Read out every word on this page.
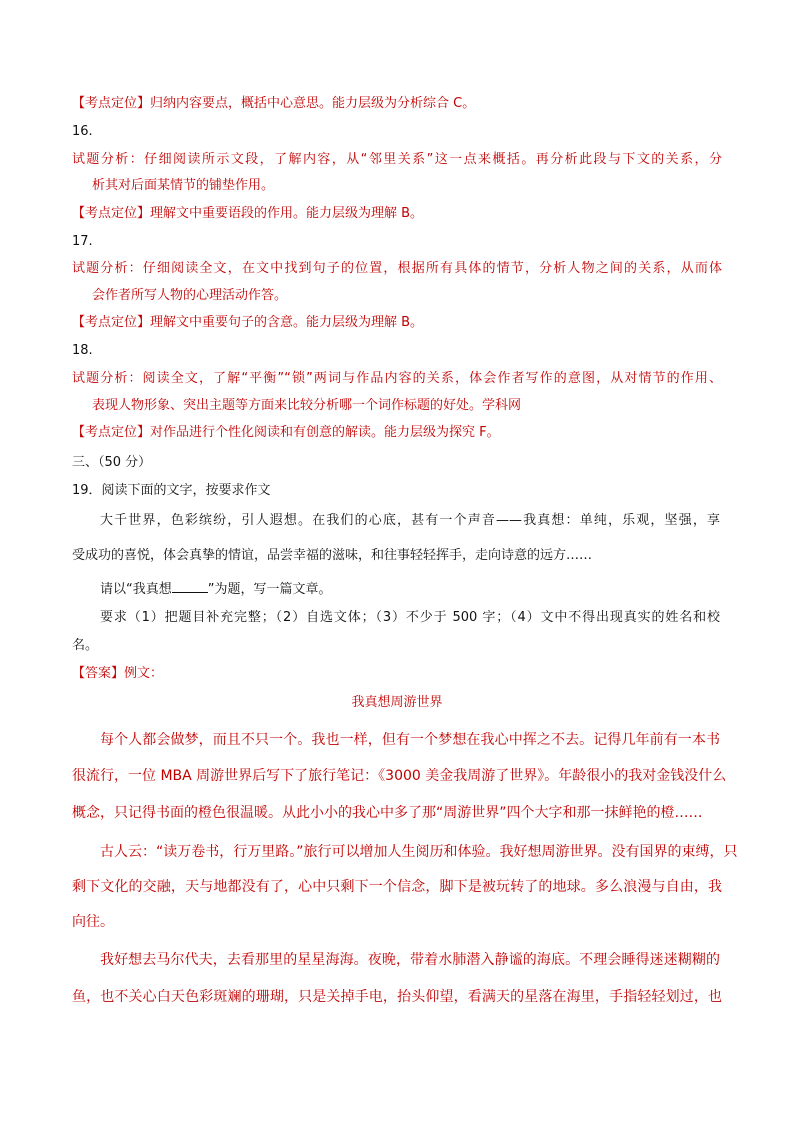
【考点定位】归纳内容要点，概括中心意思。能力层级为分析综合 C。
16.
试题分析：仔细阅读所示文段，了解内容，从“邻里关系”这一点来概括。再分析此段与下文的关系，分
析其对后面某情节的铺垫作用。
【考点定位】理解文中重要语段的作用。能力层级为理解 B。
17.
试题分析：仔细阅读全文，在文中找到句子的位置，根据所有具体的情节，分析人物之间的关系，从而体
会作者所写人物的心理活动作答。
【考点定位】理解文中重要句子的含意。能力层级为理解 B。
18.
试题分析：阅读全文，了解“平衡”“锁”两词与作品内容的关系，体会作者写作的意图，从对情节的作用、
表现人物形象、突出主题等方面来比较分析哪一个词作标题的好处。学科网
【考点定位】对作品进行个性化阅读和有创意的解读。能力层级为探究 F。
三、（50 分）
19．阅读下面的文字，按要求作文
大千世界，色彩缤纷，引人遐想。在我们的心底，甚有一个声音——我真想：单纯，乐观，坚强，享
受成功的喜悦，体会真挚的情谊，品尝幸福的滋味，和往事轻轻挥手，走向诗意的远方……
请以“我真想	”为题，写一篇文章。
要求（1）把题目补充完整；（2）自选文体；（3）不少于 500 字；（4）文中不得出现真实的姓名和校
名。
【答案】例文：
我真想周游世界
每个人都会做梦，而且不只一个。我也一样，但有一个梦想在我心中挥之不去。记得几年前有一本书
很流行，一位 MBA 周游世界后写下了旅行笔记：《3000 美金我周游了世界》。年龄很小的我对金钱没什么
概念，只记得书面的橙色很温暖。从此小小的我心中多了那“周游世界”四个大字和那一抹鲜艳的橙……
古人云：“读万卷书，行万里路。”旅行可以增加人生阅历和体验。我好想周游世界。没有国界的束缚，只
剩下文化的交融，天与地都没有了，心中只剩下一个信念，脚下是被玩转了的地球。多么浪漫与自由，我
向往。
我好想去马尔代夫，去看那里的星星海海。夜晚，带着水肺潜入静谧的海底。不理会睡得迷迷糊糊的
鱼，也不关心白天色彩斑斓的珊瑚，只是关掉手电，抬头仰望，看满天的星落在海里，手指轻轻划过，也
